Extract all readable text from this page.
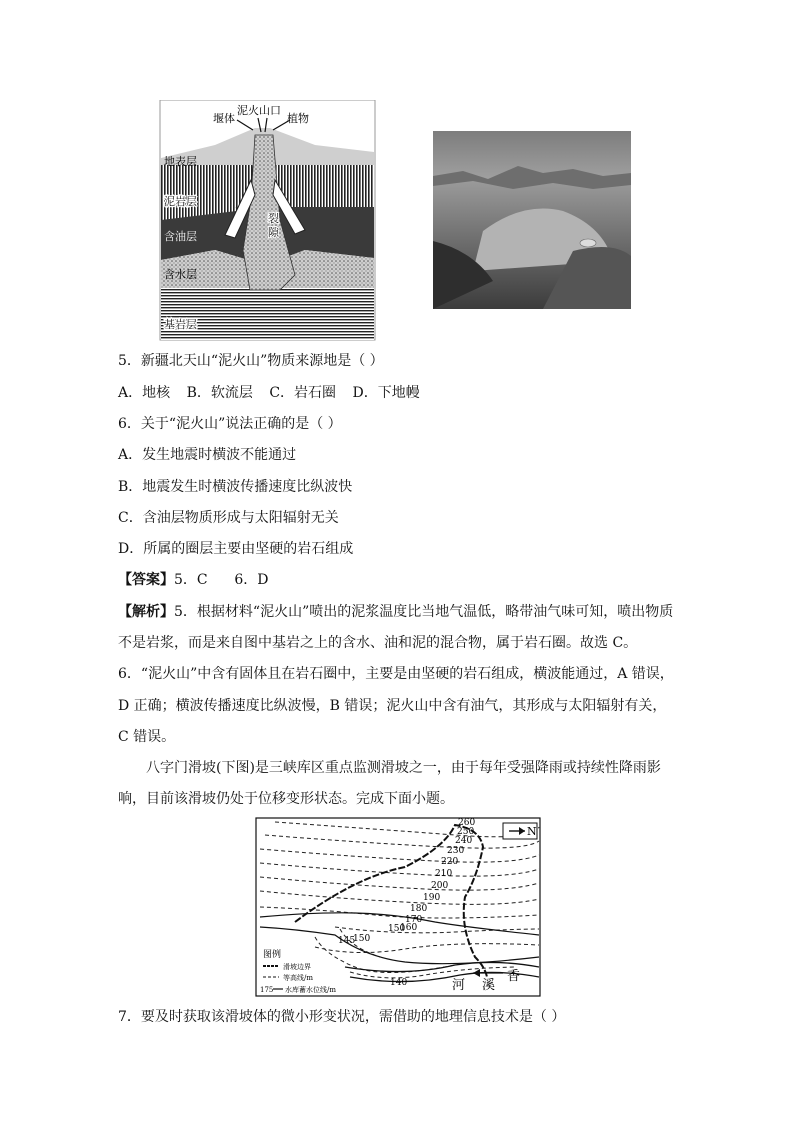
泥火山口
堰体	植物
地表层
泥岩层
含油层
含水层
基岩层
裂
隙
5．新疆北天山“泥火山”物质来源地是（ ）
A．地核 B．软流层 C．岩石圈 D．下地幔
6．关于“泥火山”说法正确的是（ ）
A．发生地震时横波不能通过
B．地震发生时横波传播速度比纵波快
C．含油层物质形成与太阳辐射无关
D．所属的圈层主要由坚硬的岩石组成
【答案】5．C      6．D
【解析】5．根据材料“泥火山”喷出的泥浆温度比当地气温低，略带油气味可知，喷出物质
不是岩浆，而是来自图中基岩之上的含水、油和泥的混合物，属于岩石圈。故选 C。
6．“泥火山”中含有固体且在岩石圈中，主要是由坚硬的岩石组成，横波能通过，A 错误，
D 正确；横波传播速度比纵波慢，B 错误；泥火山中含有油气，其形成与太阳辐射有关，
C 错误。
八字门滑坡(下图)是三峡库区重点监测滑坡之一，由于每年受强降雨或持续性降雨影
响，目前该滑坡仍处于位移变形状态。完成下面小题。
N
260
250
240
230
220
210
200
190
180
170
160
150
150
145
140	河 溪
香
图例
滑坡边界
等高线/m
175 水库蓄水位线/m
7．要及时获取该滑坡体的微小形变状况，需借助的地理信息技术是（ ）
